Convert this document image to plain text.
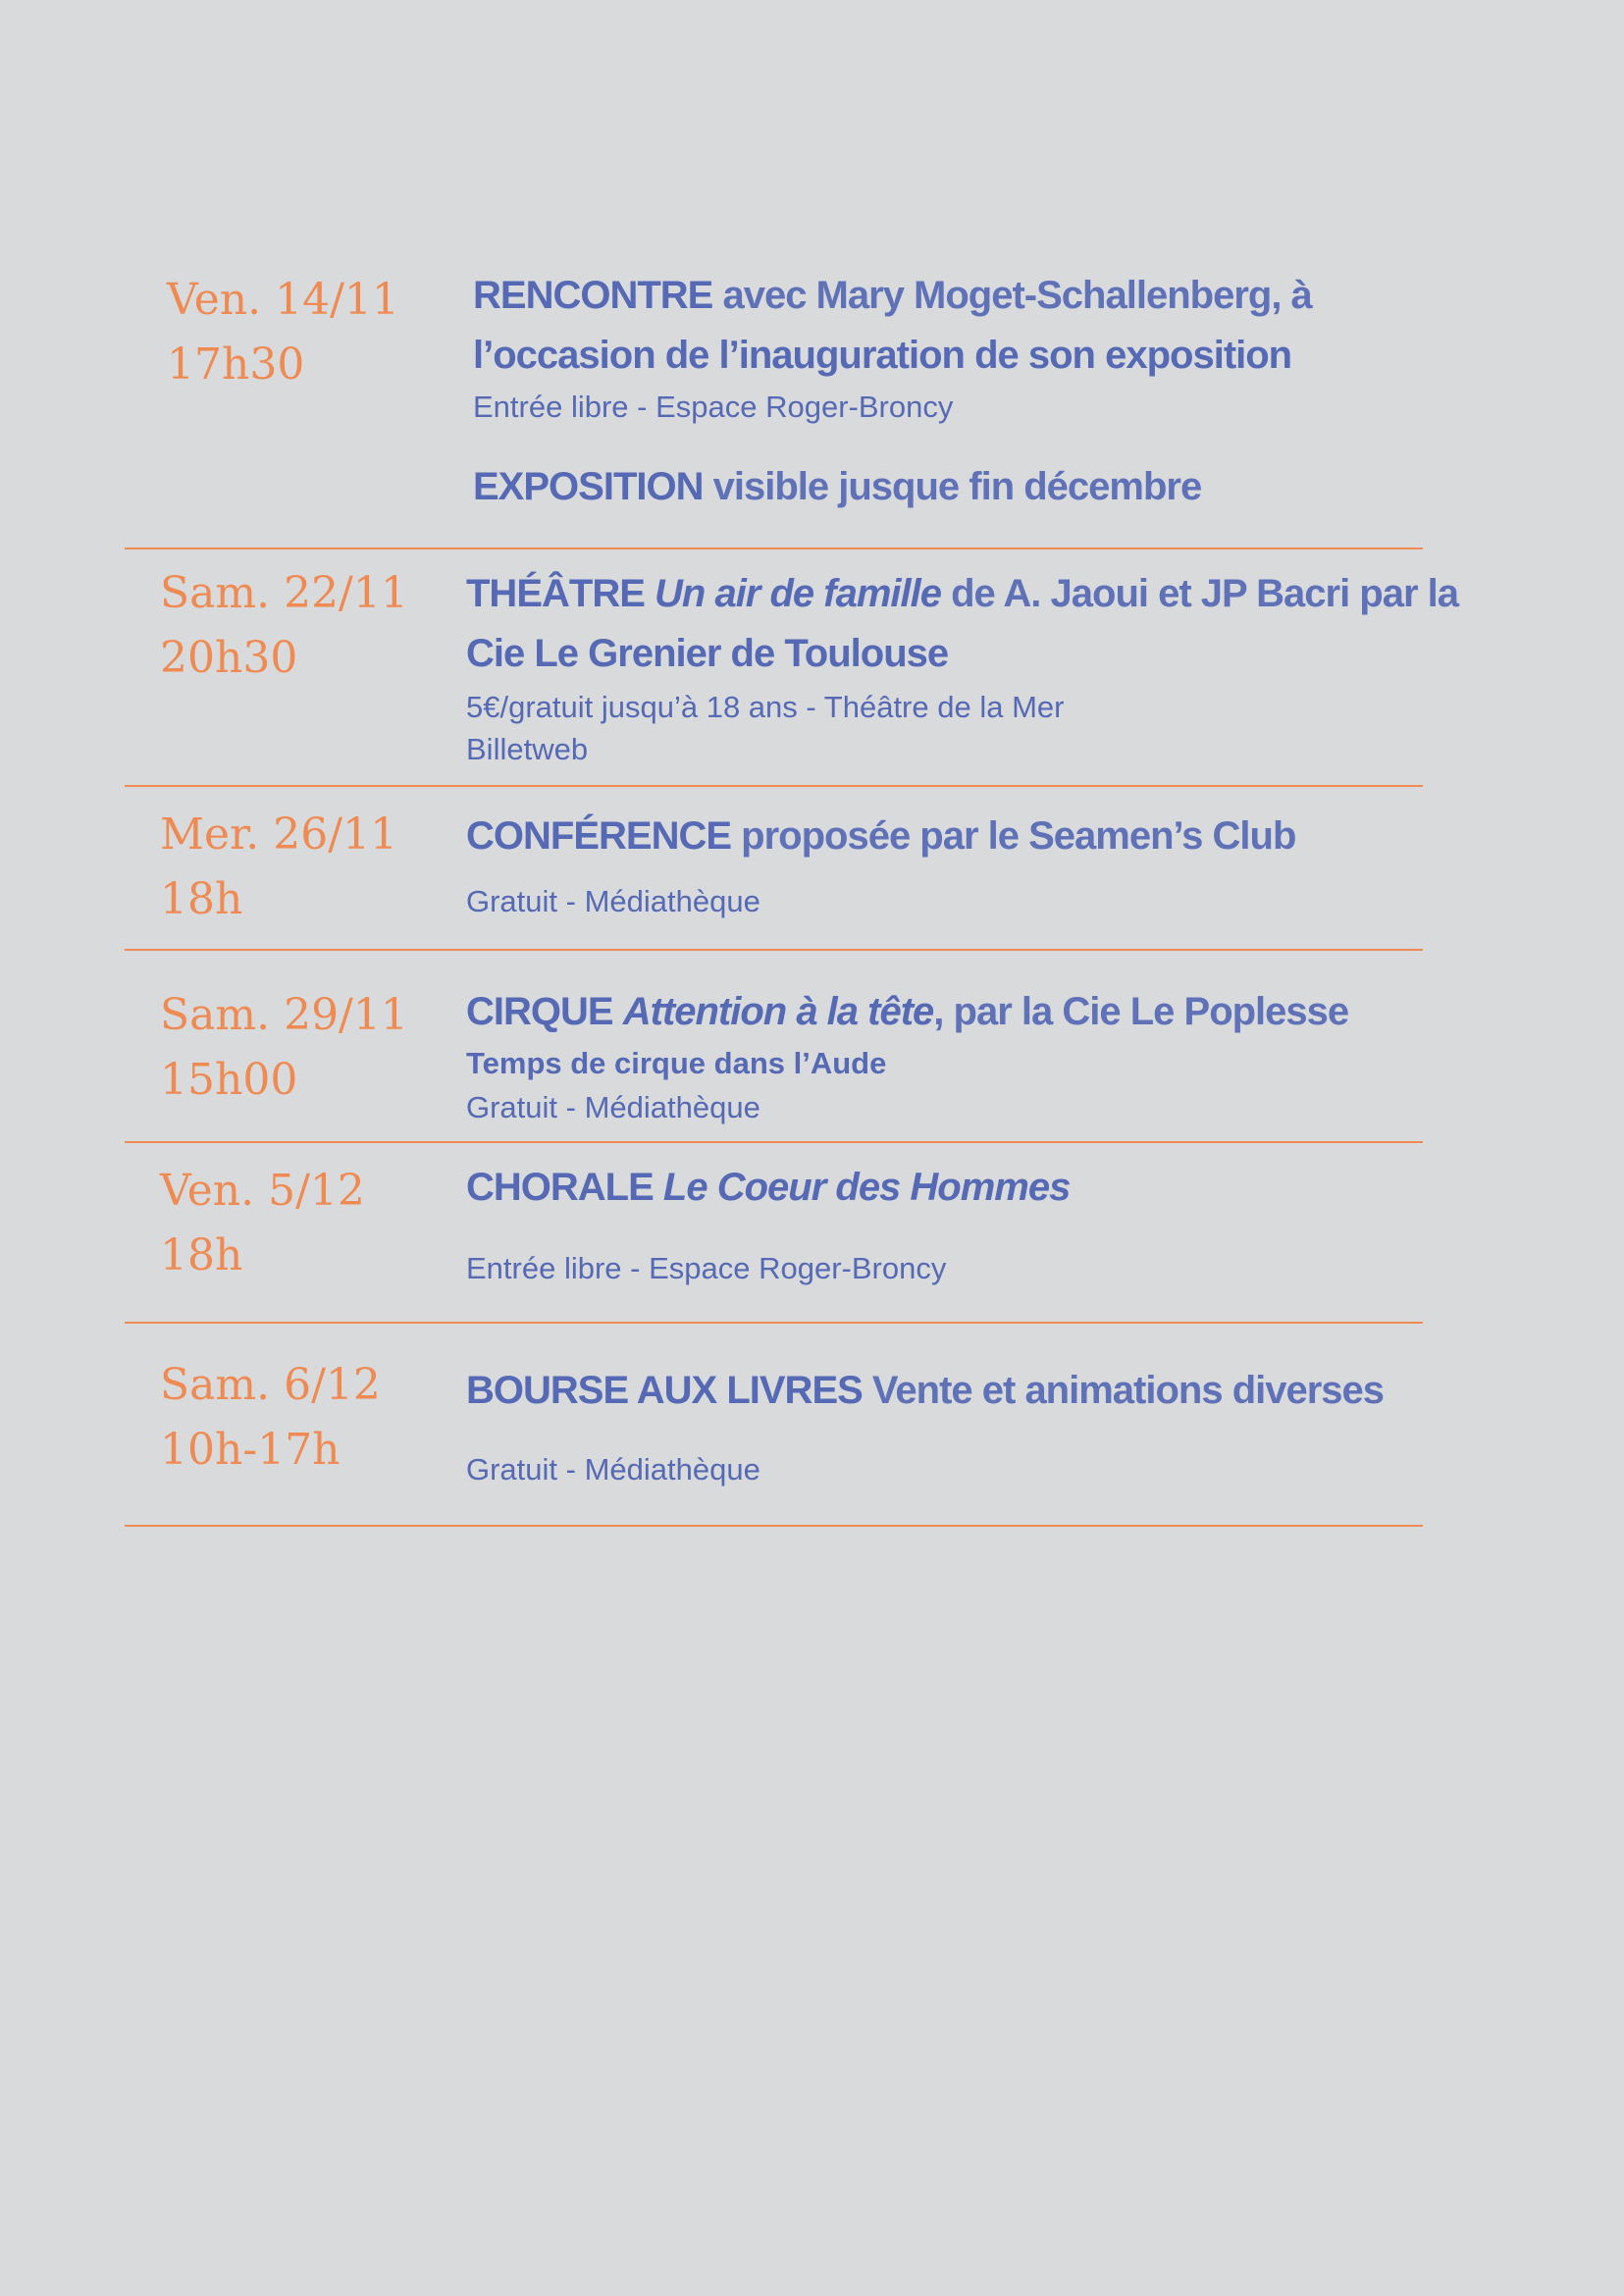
Ven. 14/11
17h30
RENCONTRE avec Mary Moget-Schallenberg, à
l’occasion de l’inauguration de son exposition
Entrée libre - Espace Roger-Broncy
EXPOSITION visible jusque fin décembre
Sam. 22/11
20h30
THÉÂTRE Un air de famille de A. Jaoui et JP Bacri par la
Cie Le Grenier de Toulouse
5€/gratuit jusqu’à 18 ans - Théâtre de la Mer
Billetweb
Mer. 26/11
18h
CONFÉRENCE proposée par le Seamen’s Club
Gratuit - Médiathèque
Sam. 29/11
15h00
CIRQUE Attention à la tête, par la Cie Le Poplesse
Temps de cirque dans l’Aude
Gratuit - Médiathèque
Ven. 5/12
18h
CHORALE Le Coeur des Hommes
Entrée libre - Espace Roger-Broncy
Sam. 6/12
10h-17h
BOURSE AUX LIVRES Vente et animations diverses
Gratuit - Médiathèque
